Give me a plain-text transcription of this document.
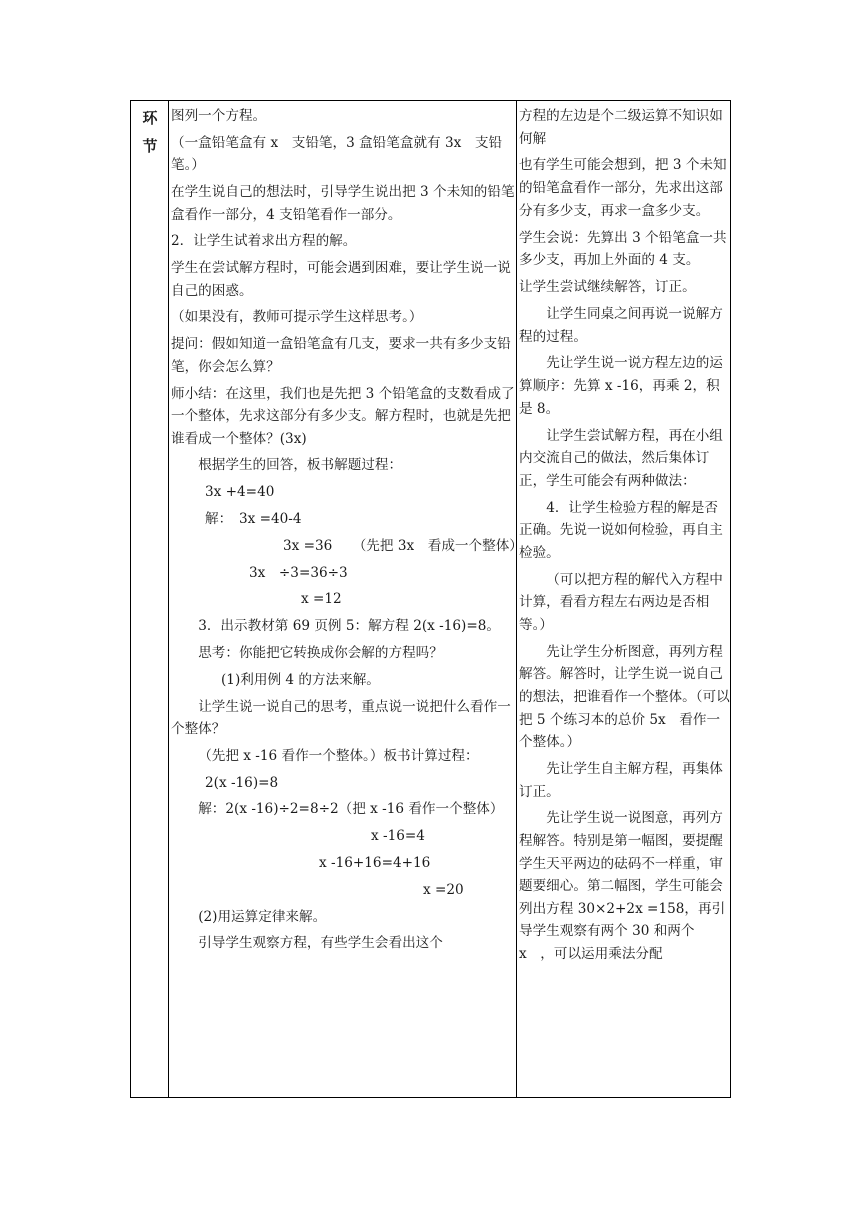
环
节

图列一个方程。

（一盒铅笔盒有 x　支铅笔，3 盒铅笔盒就有 3x　支铅笔。）

在学生说自己的想法时，引导学生说出把 3 个未知的铅笔盒看作一部分，4 支铅笔看作一部分。

2．让学生试着求出方程的解。

学生在尝试解方程时，可能会遇到困难，要让学生说一说自己的困惑。

（如果没有，教师可提示学生这样思考。）

提问：假如知道一盒铅笔盒有几支，要求一共有多少支铅笔，你会怎么算？

师小结：在这里，我们也是先把 3 个铅笔盒的支数看成了一个整体，先求这部分有多少支。解方程时，也就是先把谁看成一个整体？(3x)

根据学生的回答，板书解题过程：

3x +4=40

解：　3x =40-4

3x =36　　（先把 3x　看成一个整体）

3x　÷3=36÷3

x =12

3．出示教材第 69 页例 5：解方程 2(x -16)=8。

思考：你能把它转换成你会解的方程吗？

(1)利用例 4 的方法来解。

让学生说一说自己的思考，重点说一说把什么看作一个整体？

（先把 x -16 看作一个整体。）板书计算过程：

2(x -16)=8

解：2(x -16)÷2=8÷2（把 x -16 看作一个整体）

x -16=4

x -16+16=4+16

x =20

(2)用运算定律来解。

引导学生观察方程，有些学生会看出这个

方程的左边是个二级运算不知识如何解

也有学生可能会想到，把 3 个未知的铅笔盒看作一部分，先求出这部分有多少支，再求一盒多少支。

学生会说：先算出 3 个铅笔盒一共多少支，再加上外面的 4 支。

让学生尝试继续解答，订正。

让学生同桌之间再说一说解方程的过程。

先让学生说一说方程左边的运算顺序：先算 x -16，再乘 2，积是 8。

让学生尝试解方程，再在小组内交流自己的做法，然后集体订正，学生可能会有两种做法：

4．让学生检验方程的解是否正确。先说一说如何检验，再自主检验。

（可以把方程的解代入方程中计算，看看方程左右两边是否相等。）

先让学生分析图意，再列方程解答。解答时，让学生说一说自己的想法，把谁看作一个整体。（可以把 5 个练习本的总价 5x　看作一个整体。）

先让学生自主解方程，再集体订正。

先让学生说一说图意，再列方程解答。特别是第一幅图，要提醒学生天平两边的砝码不一样重，审题要细心。第二幅图，学生可能会列出方程 30×2+2x =158，再引导学生观察有两个 30 和两个 x　，可以运用乘法分配
